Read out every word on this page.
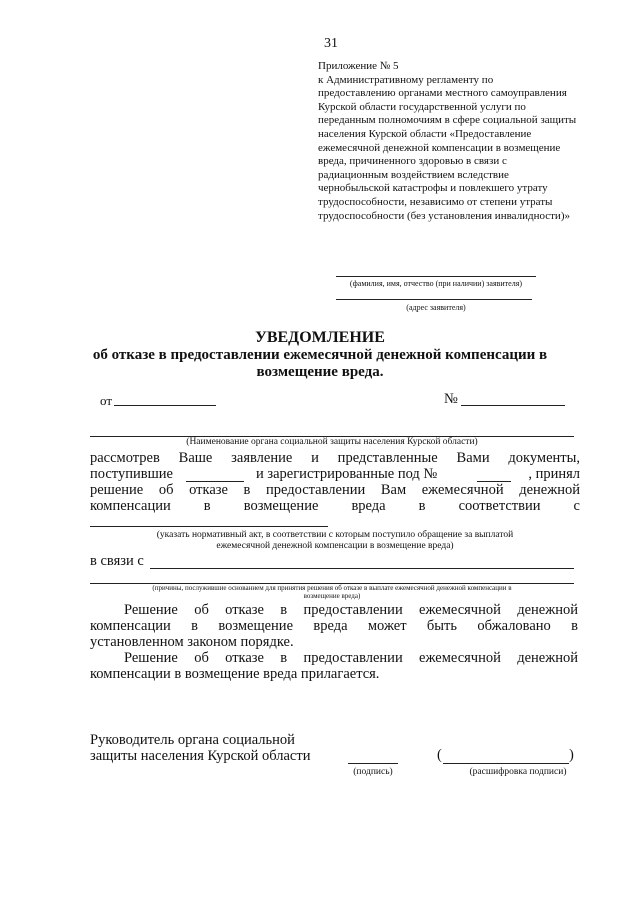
31
Приложение № 5
к Административному регламенту по
предоставлению органами местного самоуправления
Курской области государственной услуги по
переданным полномочиям в сфере социальной защиты
населения Курской области «Предоставление
ежемесячной денежной компенсации в возмещение
вреда, причиненного здоровью в связи с
радиационным воздействием вследствие
чернобыльской катастрофы и повлекшего утрату
трудоспособности, независимо от степени утраты
трудоспособности (без установления инвалидности)»
(фамилия, имя, отчество (при наличии) заявителя)
(адрес заявителя)
УВЕДОМЛЕНИЕ
об отказе в предоставлении ежемесячной денежной компенсации в
возмещение вреда.
от	№
(Наименование органа социальной защиты населения Курской области)
рассмотрев Ваше заявление и представленные Вами документы,
поступившие	и зарегистрированные под №	, принял
решение об отказе в предоставлении Вам ежемесячной денежной
компенсации в возмещение вреда в соответствии с
(указать нормативный акт, в соответствии с которым поступило обращение за выплатой
ежемесячной денежной компенсации в возмещение вреда)
в связи с
(причины, послужившие основанием для принятия решения об отказе в выплате ежемесячной денежной компенсации в
возмещение вреда)
Решение об отказе в предоставлении ежемесячной денежной
компенсации в возмещение вреда может быть обжаловано в
установленном законом порядке.
Решение об отказе в предоставлении ежемесячной денежной
компенсации в возмещение вреда прилагается.
Руководитель органа социальной
защиты населения Курской области
(подпись)
(	)
(расшифровка подписи)
